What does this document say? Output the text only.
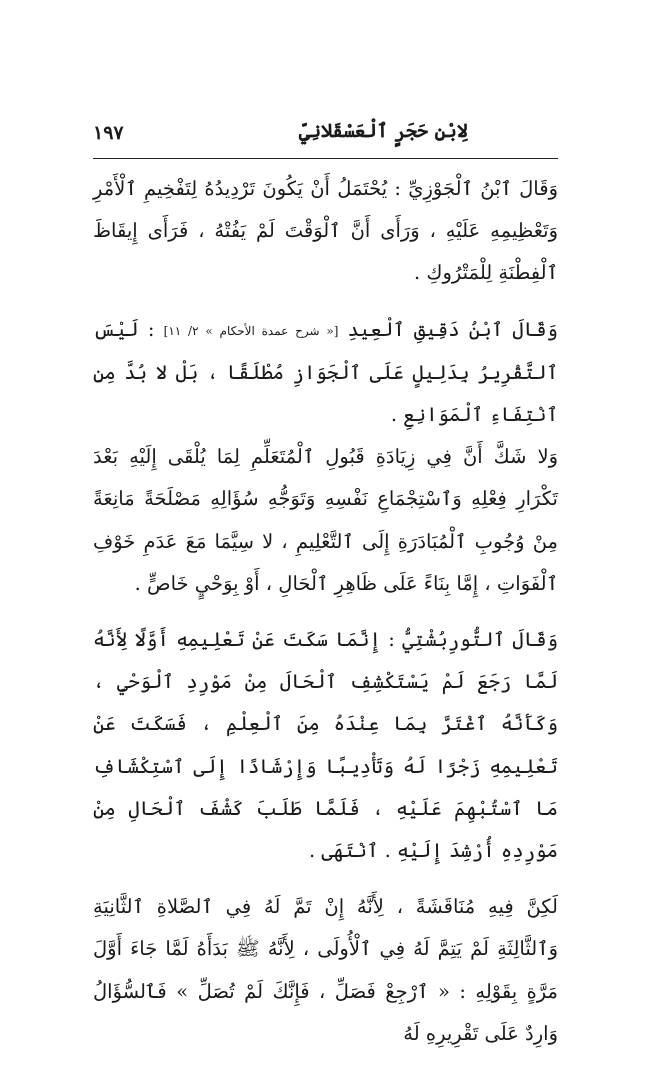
لِابْنِ حَجَرٍ ٱلْعَسْقَلانِيِّ
١٩٧

وَقَالَ ٱبْنُ ٱلْجَوْزِيِّ : يُحْتَمَلُ أَنْ يَكُونَ تَرْدِيدُهُ لِتَفْخِيمِ ٱلْأَمْرِ وَتَعْظِيمِهِ عَلَيْهِ ، وَرَأَى أَنَّ ٱلْوَقْتَ لَمْ يَفُتْهُ ، فَرَأَى إِيقَاظَ ٱلْفِطْنَةِ لِلْمَتْرُوكِ .

وَقَالَ ٱبْنُ دَقِيقِ ٱلْعِيدِ [« شرح عمدة الأحكام » ٢/ ١١] : لَيْسَ ٱلتَّقْرِيرُ بِدَلِيلٍ عَلَى ٱلْجَوَازِ مُطْلَقًا ، بَلْ لا بُدَّ مِنِ ٱنْتِفَاءِ ٱلْمَوَانِعِ .

وَلا شَكَّ أَنَّ فِي زِيَادَةِ قَبُولِ ٱلْمُتَعَلِّمِ لِمَا يُلْقَى إِلَيْهِ بَعْدَ تَكْرَارِ فِعْلِهِ وَٱسْتِجْمَاعِ نَفْسِهِ وَتَوَجُّهِ سُؤَالِهِ مَصْلَحَةً مَانِعَةً مِنْ وُجُوبِ ٱلْمُبَادَرَةِ إِلَى ٱلتَّعْلِيمِ ، لا سِيَّمَا مَعَ عَدَمِ خَوْفِ ٱلْفَوَاتِ ، إِمَّا بِنَاءً عَلَى ظَاهِرِ ٱلْحَالِ ، أَوْ بِوَحْيٍ خَاصٍّ .

وَقَالَ ٱلتُّورِبُشْتِيُّ : إِنَّمَا سَكَتَ عَنْ تَعْلِيمِهِ أَوَّلًا لِأَنَّهُ لَمَّا رَجَعَ لَمْ يَسْتَكْشِفِ ٱلْحَالَ مِنْ مَوْرِدِ ٱلْوَحْيِ ، وَكَأَنَّهُ ٱغْتَرَّ بِمَا عِنْدَهُ مِنَ ٱلْعِلْمِ ، فَسَكَتَ عَنْ تَعْلِيمِهِ زَجْرًا لَهُ وَتَأْدِيبًا وَإِرْشَادًا إِلَى ٱسْتِكْشَافِ مَا ٱسْتُبْهِمَ عَلَيْهِ ، فَلَمَّا طَلَبَ كَشْفَ ٱلْحَالِ مِنْ مَوْرِدِهِ أُرْشِدَ إِلَيْهِ . ٱنْتَهَى .

لَكِنَّ فِيهِ مُنَاقَشَةً ، لِأَنَّهُ إِنْ تَمَّ لَهُ فِي ٱلصَّلاةِ ٱلثَّانِيَةِ وَٱلثَّالِثَةِ لَمْ يَتِمَّ لَهُ فِي ٱلْأُولَى ، لِأَنَّهُ ﷺ بَدَأَهُ لَمَّا جَاءَ أَوَّلَ مَرَّةٍ بِقَوْلِهِ : « ٱرْجِعْ فَصَلِّ ، فَإِنَّكَ لَمْ تُصَلِّ » فَٱلسُّؤَالُ وَارِدٌ عَلَى تَقْرِيرِهِ لَهُ
